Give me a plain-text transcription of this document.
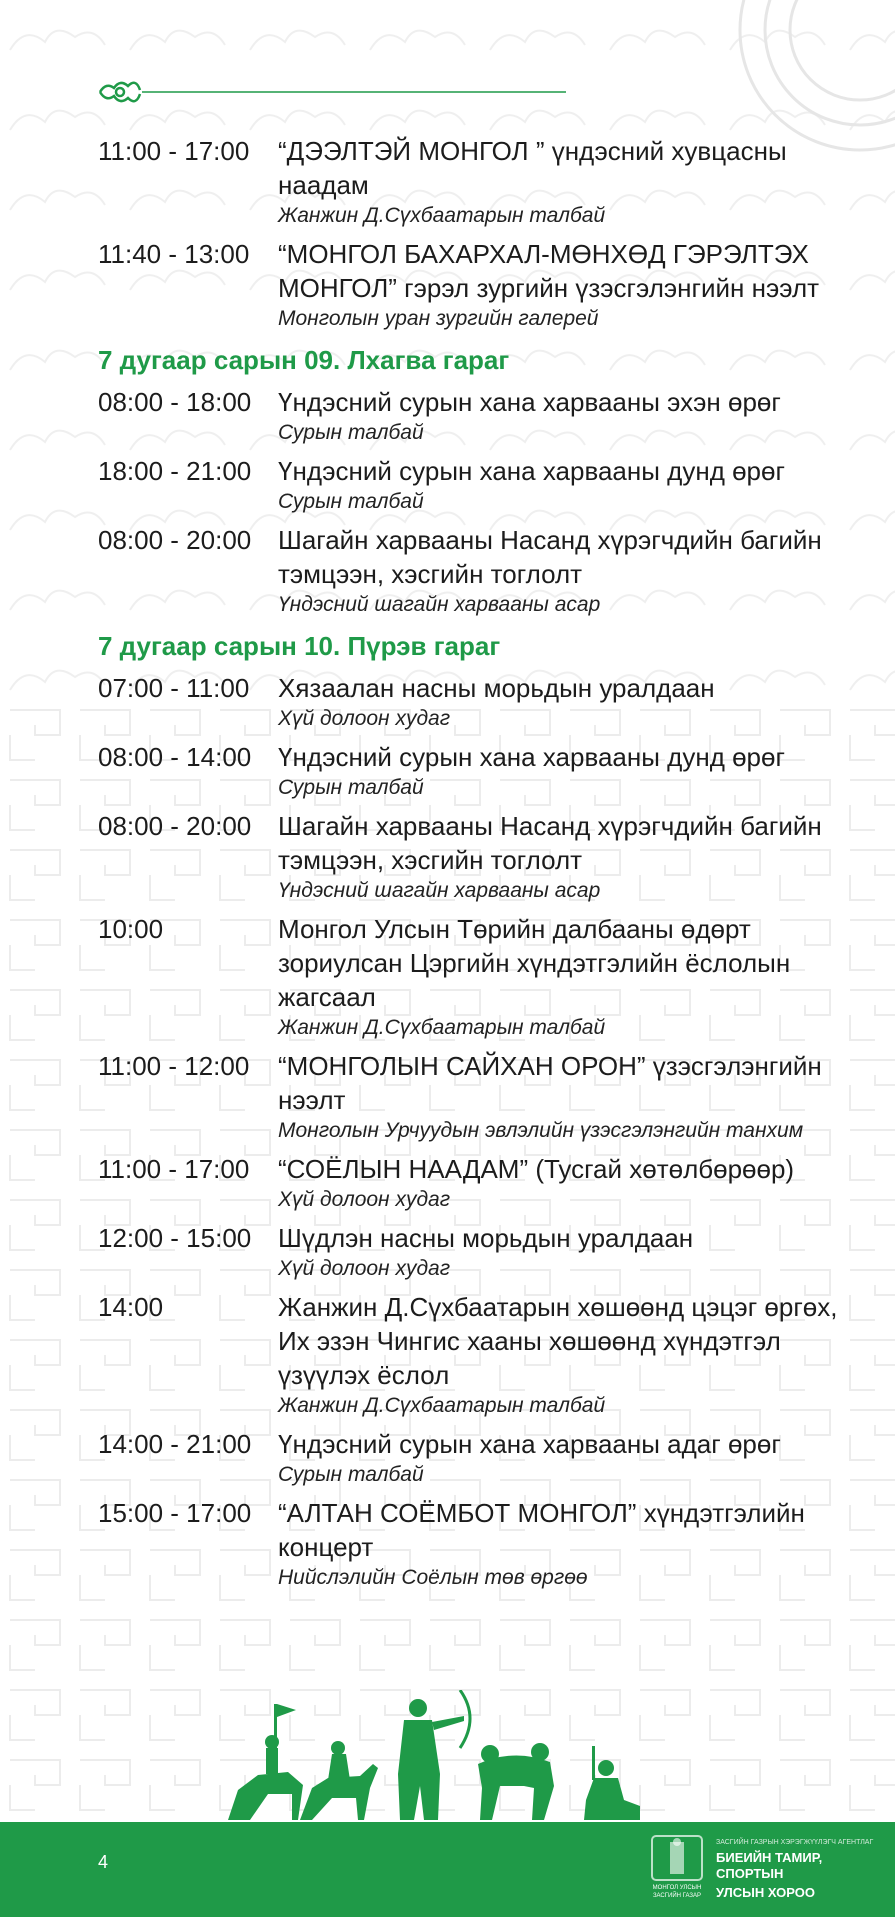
11:00 - 17:00	“ДЭЭЛТЭЙ МОНГОЛ ” үндэсний хувцасны наадам
Жанжин Д.Сүхбаатарын талбай
11:40 - 13:00	“МОНГОЛ БАХАРХАЛ-МӨНХӨД ГЭРЭЛТЭХ МОНГОЛ” гэрэл зургийн үзэсгэлэнгийн нээлт
Монголын уран зургийн галерей
7 дугаар сарын 09. Лхагва гараг
08:00 - 18:00	Үндэсний сурын хана харвааны эхэн өрөг
Сурын талбай
18:00 - 21:00	Үндэсний сурын хана харвааны дунд өрөг
Сурын талбай
08:00 - 20:00	Шагайн харвааны Насанд хүрэгчдийн багийн тэмцээн, хэсгийн тоглолт
Үндэсний шагайн харвааны асар
7 дугаар сарын 10. Пүрэв гараг
07:00 - 11:00	Хязаалан насны морьдын уралдаан
Хүй долоон худаг
08:00 - 14:00	Үндэсний сурын хана харвааны дунд өрөг
Сурын талбай
08:00 - 20:00	Шагайн харвааны Насанд хүрэгчдийн багийн тэмцээн, хэсгийн тоглолт
Үндэсний шагайн харвааны асар
10:00	Монгол Улсын Төрийн далбааны өдөрт зориулсан Цэргийн хүндэтгэлийн ёслолын жагсаал
Жанжин Д.Сүхбаатарын талбай
11:00 - 12:00	“МОНГОЛЫН САЙХАН ОРОН” үзэсгэлэнгийн нээлт
Монголын Урчуудын эвлэлийн үзэсгэлэнгийн танхим
11:00 - 17:00	“СОЁЛЫН НААДАМ” (Тусгай хөтөлбөрөөр)
Хүй долоон худаг
12:00 - 15:00	Шүдлэн насны морьдын уралдаан
Хүй долоон худаг
14:00	Жанжин Д.Сүхбаатарын хөшөөнд цэцэг өргөх, Их эзэн Чингис хааны хөшөөнд хүндэтгэл үзүүлэх ёслол
Жанжин Д.Сүхбаатарын талбай
14:00 - 21:00	Үндэсний сурын хана харвааны адаг өрөг
Сурын талбай
15:00 - 17:00	“АЛТАН СОЁМБОТ МОНГОЛ” хүндэтгэлийн концерт
Нийслэлийн Соёлын төв өргөө
4
МОНГОЛ УЛСЫН
ЗАСГИЙН ГАЗАР
ЗАСГИЙН ГАЗРЫН ХЭРЭГЖҮҮЛЭГЧ АГЕНТЛАГ
БИЕИЙН ТАМИР, СПОРТЫН
УЛСЫН ХОРОО
